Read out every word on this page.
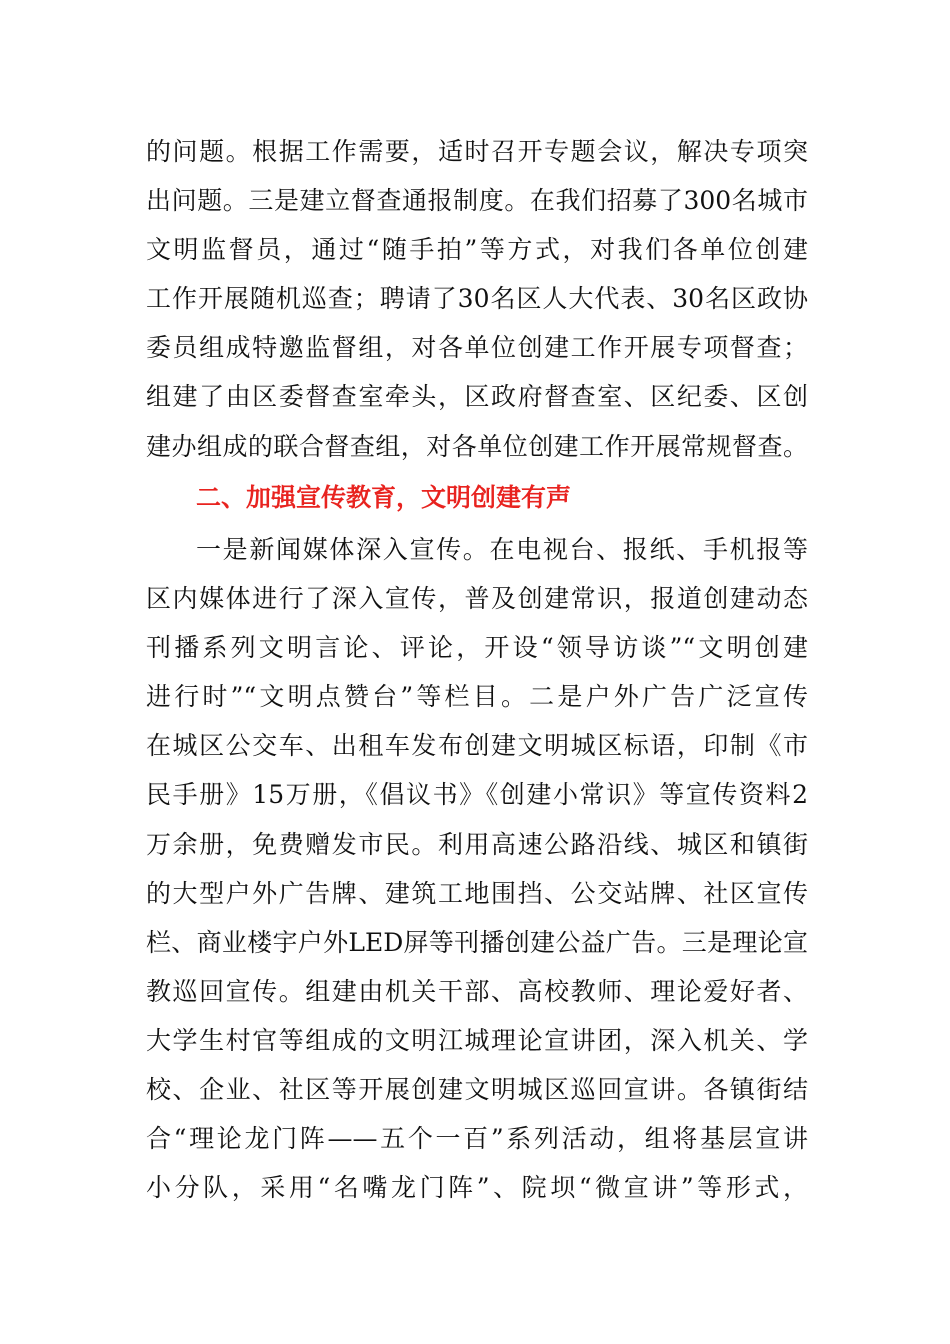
的问题。根据工作需要，适时召开专题会议，解决专项突
出问题。三是建立督查通报制度。在我们招募了300名城市
文明监督员，通过“随手拍”等方式，对我们各单位创建
工作开展随机巡查；聘请了30名区人大代表、30名区政协
委员组成特邀监督组，对各单位创建工作开展专项督查；
组建了由区委督查室牵头，区政府督查室、区纪委、区创
建办组成的联合督查组，对各单位创建工作开展常规督查。
二、加强宣传教育，文明创建有声
一是新闻媒体深入宣传。在电视台、报纸、手机报等
区内媒体进行了深入宣传，普及创建常识，报道创建动态
刊播系列文明言论、评论，开设“领导访谈”“文明创建
进行时”“文明点赞台”等栏目。二是户外广告广泛宣传
在城区公交车、出租车发布创建文明城区标语，印制《市
民手册》15万册，《倡议书》《创建小常识》等宣传资料2
万余册，免费赠发市民。利用高速公路沿线、城区和镇街
的大型户外广告牌、建筑工地围挡、公交站牌、社区宣传
栏、商业楼宇户外LED屏等刊播创建公益广告。三是理论宣
教巡回宣传。组建由机关干部、高校教师、理论爱好者、
大学生村官等组成的文明江城理论宣讲团，深入机关、学
校、企业、社区等开展创建文明城区巡回宣讲。各镇街结
合“理论龙门阵——五个一百”系列活动，组将基层宣讲
小分队，采用“名嘴龙门阵”、院坝“微宣讲”等形式，
